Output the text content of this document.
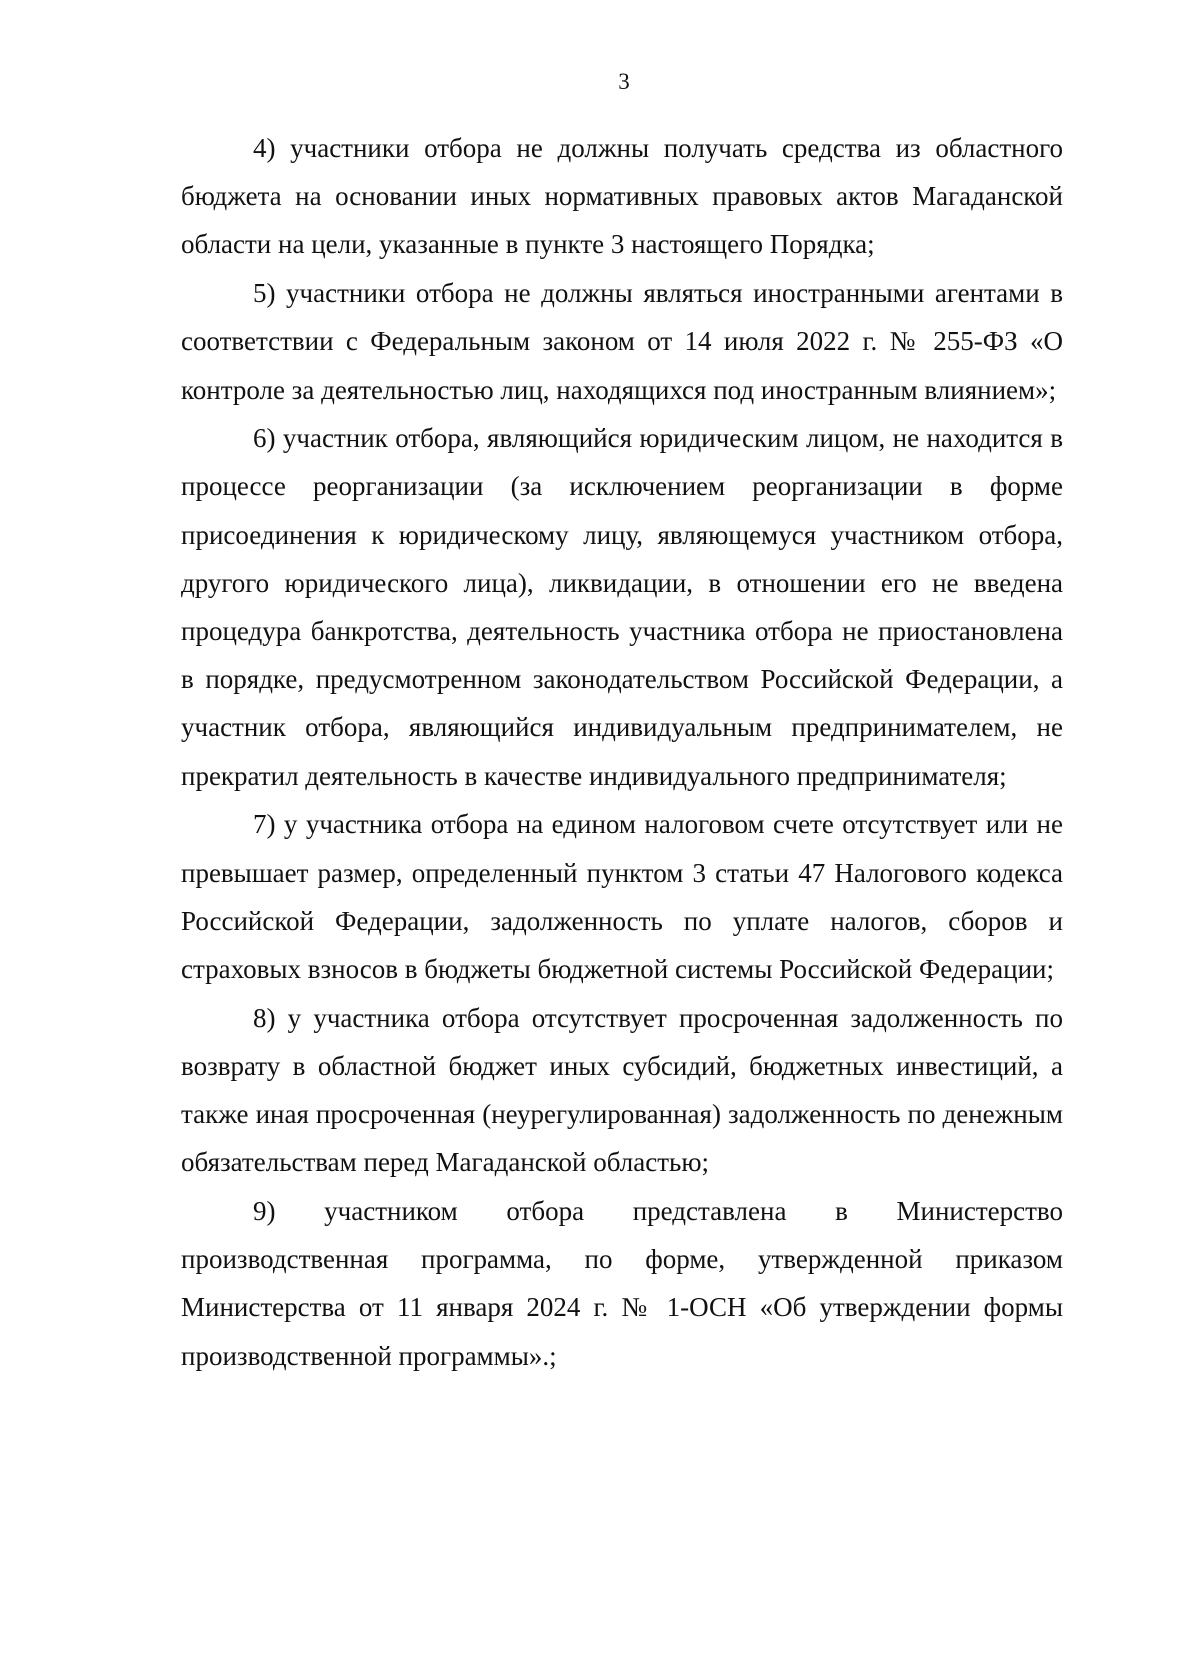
3

4) участники отбора не должны получать средства из областного бюджета на основании иных нормативных правовых актов Магаданской области на цели, указанные в пункте 3 настоящего Порядка;

5) участники отбора не должны являться иностранными агентами в соответствии с Федеральным законом от 14 июля 2022 г. № 255-ФЗ «О контроле за деятельностью лиц, находящихся под иностранным влиянием»;

6) участник отбора, являющийся юридическим лицом, не находится в процессе реорганизации (за исключением реорганизации в форме присоединения к юридическому лицу, являющемуся участником отбора, другого юридического лица), ликвидации, в отношении его не введена процедура банкротства, деятельность участника отбора не приостановлена в порядке, предусмотренном законодательством Российской Федерации, а участник отбора, являющийся индивидуальным предпринимателем, не прекратил деятельность в качестве индивидуального предпринимателя;

7) у участника отбора на едином налоговом счете отсутствует или не превышает размер, определенный пунктом 3 статьи 47 Налогового кодекса Российской Федерации, задолженность по уплате налогов, сборов и страховых взносов в бюджеты бюджетной системы Российской Федерации;

8) у участника отбора отсутствует просроченная задолженность по возврату в областной бюджет иных субсидий, бюджетных инвестиций, а также иная просроченная (неурегулированная) задолженность по денежным обязательствам перед Магаданской областью;

9) участником отбора представлена в Министерство производственная программа, по форме, утвержденной приказом Министерства от 11 января 2024 г. № 1-ОСН «Об утверждении формы производственной программы».;
